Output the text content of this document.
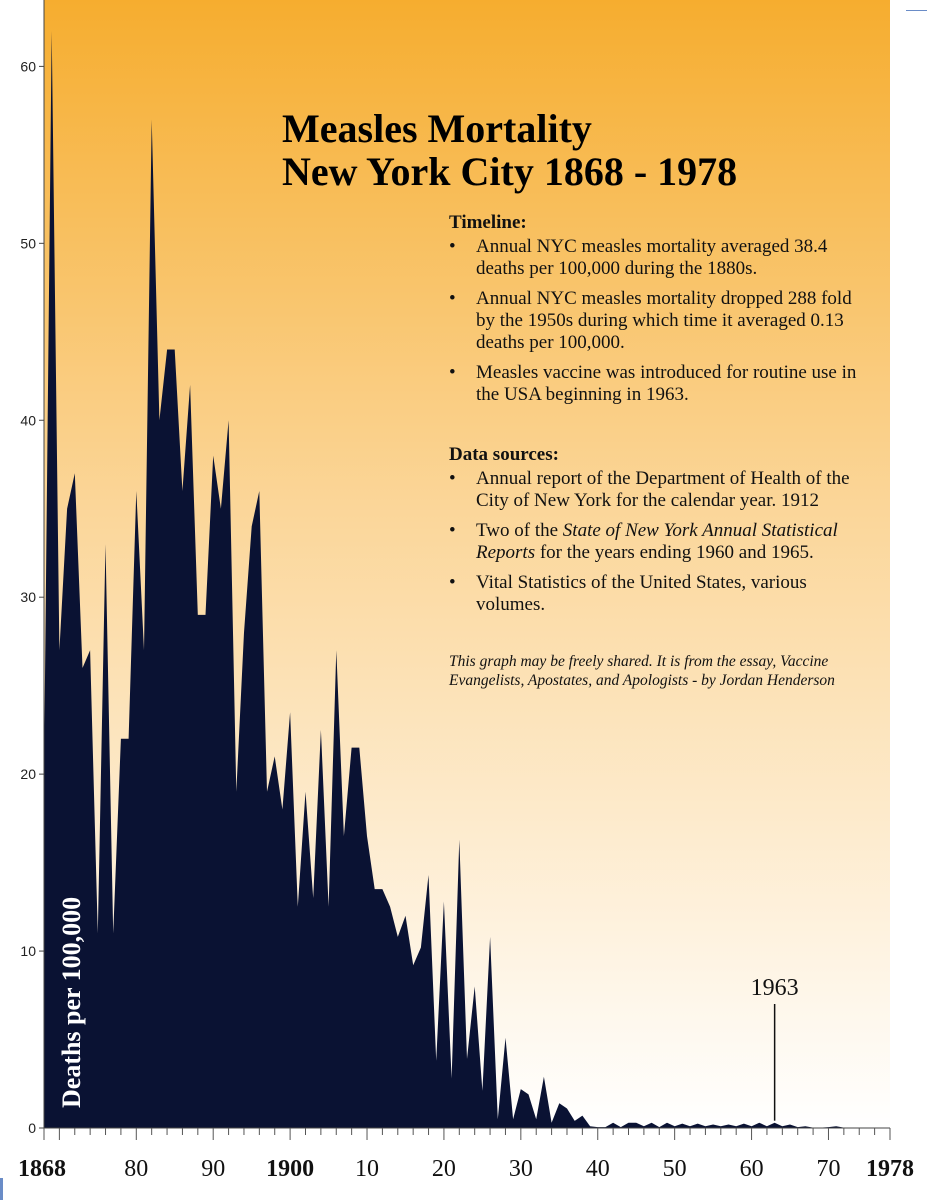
0
10
20
30
40
50
60
1868 80 90 1900 10 20 30 40 50 60 70 1978
Measles Mortality
New York City 1868 - 1978
Deaths per 100,000	1963
Timeline:
• Annual NYC measles mortality averaged 38.4 deaths per 100,000 during the 1880s.
• Annual NYC measles mortality dropped 288 fold by the 1950s during which time it averaged 0.13 deaths per 100,000.
• Measles vaccine was introduced for routine use in the USA beginning in 1963.
Data sources:
• Annual report of the Department of Health of the City of New York for the calendar year. 1912
• Two of the State of New York Annual Statistical Reports for the years ending 1960 and 1965.
• Vital Statistics of the United States, various volumes.
This graph may be freely shared. It is from the essay, Vaccine Evangelists, Apostates, and Apologists - by Jordan Henderson
